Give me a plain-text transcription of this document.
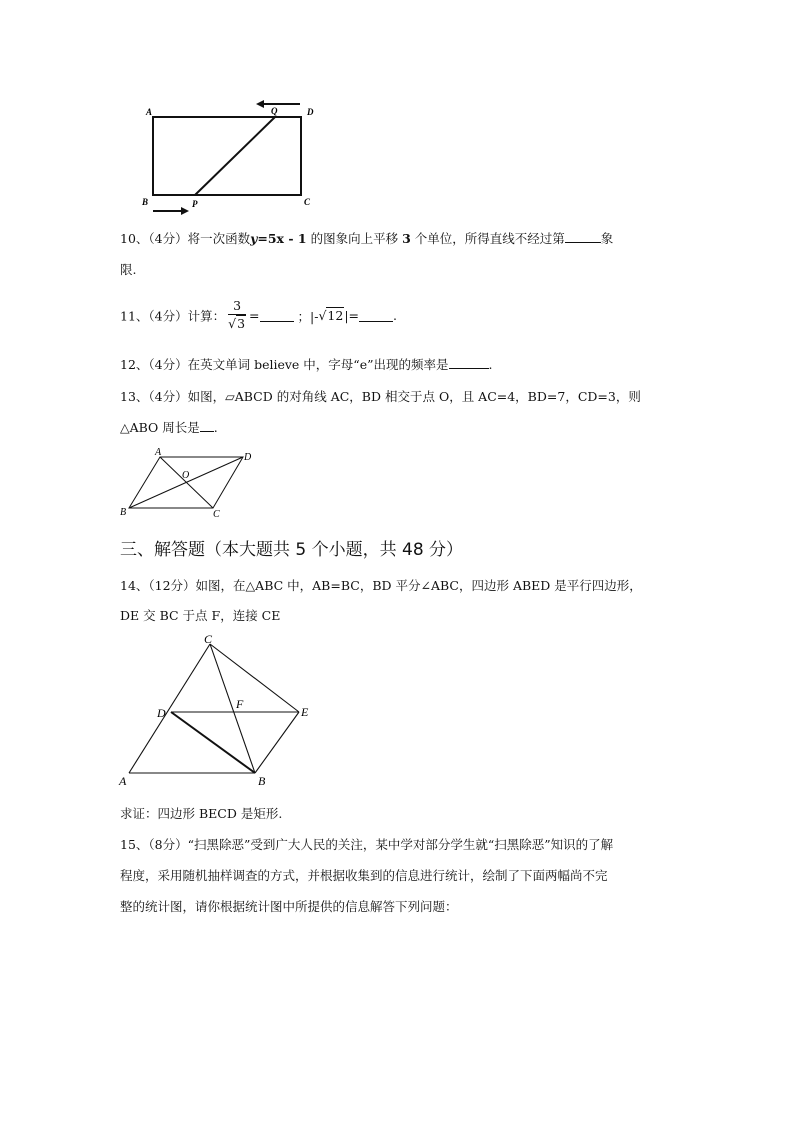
A	Q	D
B	P	C
10、（4分）将一次函数y=5x - 1 的图象向上平移 3 个单位，所得直线不经过第	象
限.
11、（4分）计算： $\frac{3}{√3}$ =	；|-√12|=	.
12、（4分）在英文单词 believe 中，字母“e”出现的频率是	.
13、（4分）如图，▱ABCD 的对角线 AC，BD 相交于点 O，且 AC=4，BD=7，CD=3，则
△ABO 周长是 .
A	D
O
B	C
三、解答题（本大题共 5 个小题，共 48 分）
14、（12分）如图，在△ABC 中，AB=BC，BD 平分∠ABC，四边形 ABED 是平行四边形，
DE 交 BC 于点 F，连接 CE
C
D
F
E
A	B
求证：四边形 BECD 是矩形.
15、（8分）“扫黑除恶”受到广大人民的关注，某中学对部分学生就“扫黑除恶”知识的了解
程度，采用随机抽样调查的方式，并根据收集到的信息进行统计，绘制了下面两幅尚不完
整的统计图，请你根据统计图中所提供的信息解答下列问题：
